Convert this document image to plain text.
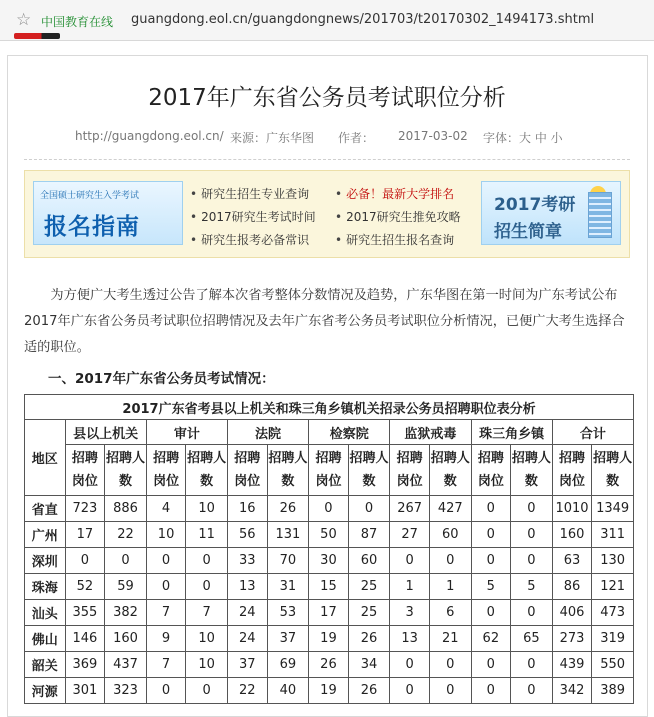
☆ 中国教育在线 guangdong.eol.cn/guangdongnews/201703/t20170302_1494173.shtml
2017年广东省公务员考试职位分析
http://guangdong.eol.cn/ 来源：广东华图 作者： 2017-03-02 字体：大 中 小
全国硕士研究生入学考试
报名指南
• 研究生招生专业查询
• 2017研究生考试时间
• 研究生报考必备常识
• 必备！最新大学排名
• 2017研究生推免攻略
• 研究生招生报名查询
2017考研
招生简章
为方便广大考生透过公告了解本次省考整体分数情况及趋势，广东华图在第一时间为广东考试公布2017年广东省公务员考试职位招聘情况及去年广东省考公务员考试职位分析情况，已便广大考生选择合适的职位。
一、2017年广东省公务员考试情况：
2017广东省考县以上机关和珠三角乡镇机关招录公务员招聘职位表分析														
地区	县以上机关		审计		法院		检察院		监狱戒毒		珠三角乡镇		合计	
	招聘岗位	招聘人数	招聘岗位	招聘人数	招聘岗位	招聘人数	招聘岗位	招聘人数	招聘岗位	招聘人数	招聘岗位	招聘人数	招聘岗位	招聘人数
省直	723	886	4	10	16	26	0	0	267	427	0	0	1010	1349
广州	17	22	10	11	56	131	50	87	27	60	0	0	160	311
深圳	0	0	0	0	33	70	30	60	0	0	0	0	63	130
珠海	52	59	0	0	13	31	15	25	1	1	5	5	86	121
汕头	355	382	7	7	24	53	17	25	3	6	0	0	406	473
佛山	146	160	9	10	24	37	19	26	13	21	62	65	273	319
韶关	369	437	7	10	37	69	26	34	0	0	0	0	439	550
河源	301	323	0	0	22	40	19	26	0	0	0	0	342	389
